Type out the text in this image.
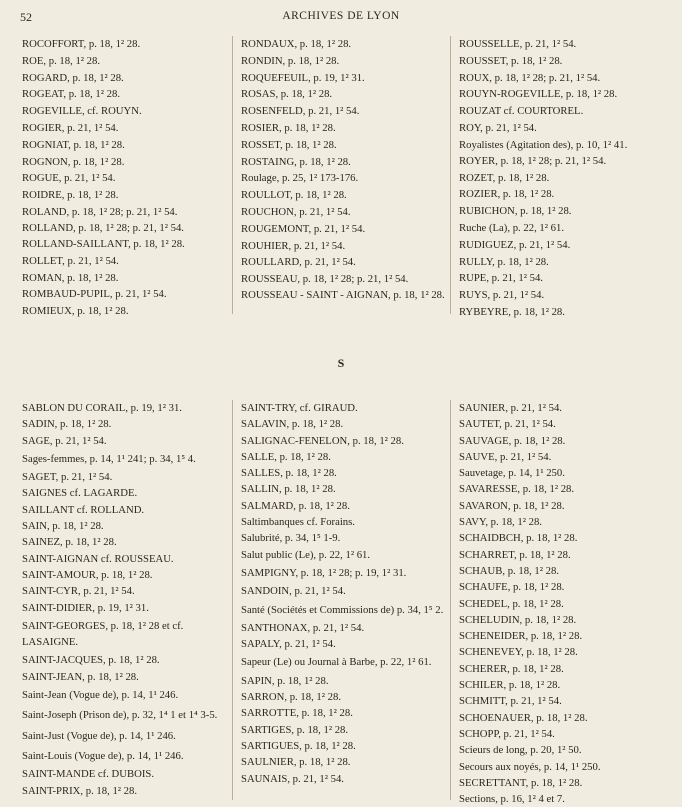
52	ARCHIVES DE LYON
ROCOFFORT, p. 18, 1² 28.
ROE, p. 18, 1² 28.
ROGARD, p. 18, 1² 28.
ROGEAT, p. 18, 1² 28.
ROGEVILLE, cf. ROUYN.
ROGIER, p. 21, 1² 54.
ROGNIAT, p. 18, 1² 28.
ROGNON, p. 18, 1² 28.
ROGUE, p. 21, 1² 54.
ROIDRE, p. 18, 1² 28.
ROLAND, p. 18, 1² 28; p. 21, 1² 54.
ROLLAND, p. 18, 1² 28; p. 21, 1² 54.
ROLLAND-SAILLANT, p. 18, 1² 28.
ROLLET, p. 21, 1² 54.
ROMAN, p. 18, 1² 28.
ROMBAUD-PUPIL, p. 21, 1² 54.
ROMIEUX, p. 18, 1² 28.
RONDAUX, p. 18, 1² 28.
RONDIN, p. 18, 1² 28.
ROQUEFEUIL, p. 19, 1² 31.
ROSAS, p. 18, 1² 28.
ROSENFELD, p. 21, 1² 54.
ROSIER, p. 18, 1² 28.
ROSSET, p. 18, 1² 28.
ROSTAING, p. 18, 1² 28.
Roulage, p. 25, 1² 173-176.
ROULLOT, p. 18, 1² 28.
ROUCHON, p. 21, 1² 54.
ROUGEMONT, p. 21, 1² 54.
ROUHIER, p. 21, 1² 54.
ROULLARD, p. 21, 1² 54.
ROUSSEAU, p. 18, 1² 28; p. 21, 1² 54.
ROUSSEAU - SAINT - AIGNAN, p. 18, 1² 28.
ROUSSELLE, p. 21, 1² 54.
ROUSSET, p. 18, 1² 28.
ROUX, p. 18, 1² 28; p. 21, 1² 54.
ROUYN-ROGEVILLE, p. 18, 1² 28.
ROUZAT cf. COURTOREL.
ROY, p. 21, 1² 54.
Royalistes (Agitation des), p. 10, 1² 41.
ROYER, p. 18, 1² 28; p. 21, 1² 54.
ROZET, p. 18, 1² 28.
ROZIER, p. 18, 1² 28.
RUBICHON, p. 18, 1² 28.
Ruche (La), p. 22, 1² 61.
RUDIGUEZ, p. 21, 1² 54.
RULLY, p. 18, 1² 28.
RUPE, p. 21, 1² 54.
RUYS, p. 21, 1² 54.
RYBEYRE, p. 18, 1² 28.
S
SABLON DU CORAIL, p. 19, 1² 31.
SADIN, p. 18, 1² 28.
SAGE, p. 21, 1² 54.
Sages-femmes, p. 14, 1¹ 241; p. 34, 1⁵ 4.
SAGET, p. 21, 1² 54.
SAIGNES cf. LAGARDE.
SAILLANT cf. ROLLAND.
SAIN, p. 18, 1² 28.
SAINEZ, p. 18, 1² 28.
SAINT-AIGNAN cf. ROUSSEAU.
SAINT-AMOUR, p. 18, 1² 28.
SAINT-CYR, p. 21, 1² 54.
SAINT-DIDIER, p. 19, 1² 31.
SAINT-GEORGES, p. 18, 1² 28 et cf. LASAIGNE.
SAINT-JACQUES, p. 18, 1² 28.
SAINT-JEAN, p. 18, 1² 28.
Saint-Jean (Vogue de), p. 14, 1¹ 246.
Saint-Joseph (Prison de), p. 32, 1⁴ 1 et 1⁴ 3-5.
Saint-Just (Vogue de), p. 14, 1¹ 246.
Saint-Louis (Vogue de), p. 14, 1¹ 246.
SAINT-MANDE cf. DUBOIS.
SAINT-PRIX, p. 18, 1² 28.
SAINT-TRY, cf. GIRAUD.
SALAVIN, p. 18, 1² 28.
SALIGNAC-FENELON, p. 18, 1² 28.
SALLE, p. 18, 1² 28.
SALLES, p. 18, 1² 28.
SALLIN, p. 18, 1² 28.
SALMARD, p. 18, 1² 28.
Saltimbanques cf. Forains.
Salubrité, p. 34, 1⁵ 1-9.
Salut public (Le), p. 22, 1² 61.
SAMPIGNY, p. 18, 1² 28; p. 19, 1² 31.
SANDOIN, p. 21, 1² 54.
Santé (Sociétés et Commissions de) p. 34, 1⁵ 2.
SANTHONAX, p. 21, 1² 54.
SAPALY, p. 21, 1² 54.
Sapeur (Le) ou Journal à Barbe, p. 22, 1² 61.
SAPIN, p. 18, 1² 28.
SARRON, p. 18, 1² 28.
SARROTTE, p. 18, 1² 28.
SARTIGES, p. 18, 1² 28.
SARTIGUES, p. 18, 1² 28.
SAULNIER, p. 18, 1² 28.
SAUNAIS, p. 21, 1² 54.
SAUNIER, p. 21, 1² 54.
SAUTET, p. 21, 1² 54.
SAUVAGE, p. 18, 1² 28.
SAUVE, p. 21, 1² 54.
Sauvetage, p. 14, 1¹ 250.
SAVARESSE, p. 18, 1² 28.
SAVARON, p. 18, 1² 28.
SAVY, p. 18, 1² 28.
SCHAIDBCH, p. 18, 1² 28.
SCHARRET, p. 18, 1² 28.
SCHAUB, p. 18, 1² 28.
SCHAUFE, p. 18, 1² 28.
SCHEDEL, p. 18, 1² 28.
SCHELUDIN, p. 18, 1² 28.
SCHENEIDER, p. 18, 1² 28.
SCHENEVEY, p. 18, 1² 28.
SCHERER, p. 18, 1² 28.
SCHILER, p. 18, 1² 28.
SCHMITT, p. 21, 1² 54.
SCHOENAUER, p. 18, 1² 28.
SCHOPP, p. 21, 1² 54.
Scieurs de long, p. 20, 1² 50.
Secours aux noyés, p. 14, 1¹ 250.
SECRETTANT, p. 18, 1² 28.
Sections, p. 16, 1² 4 et 7.
